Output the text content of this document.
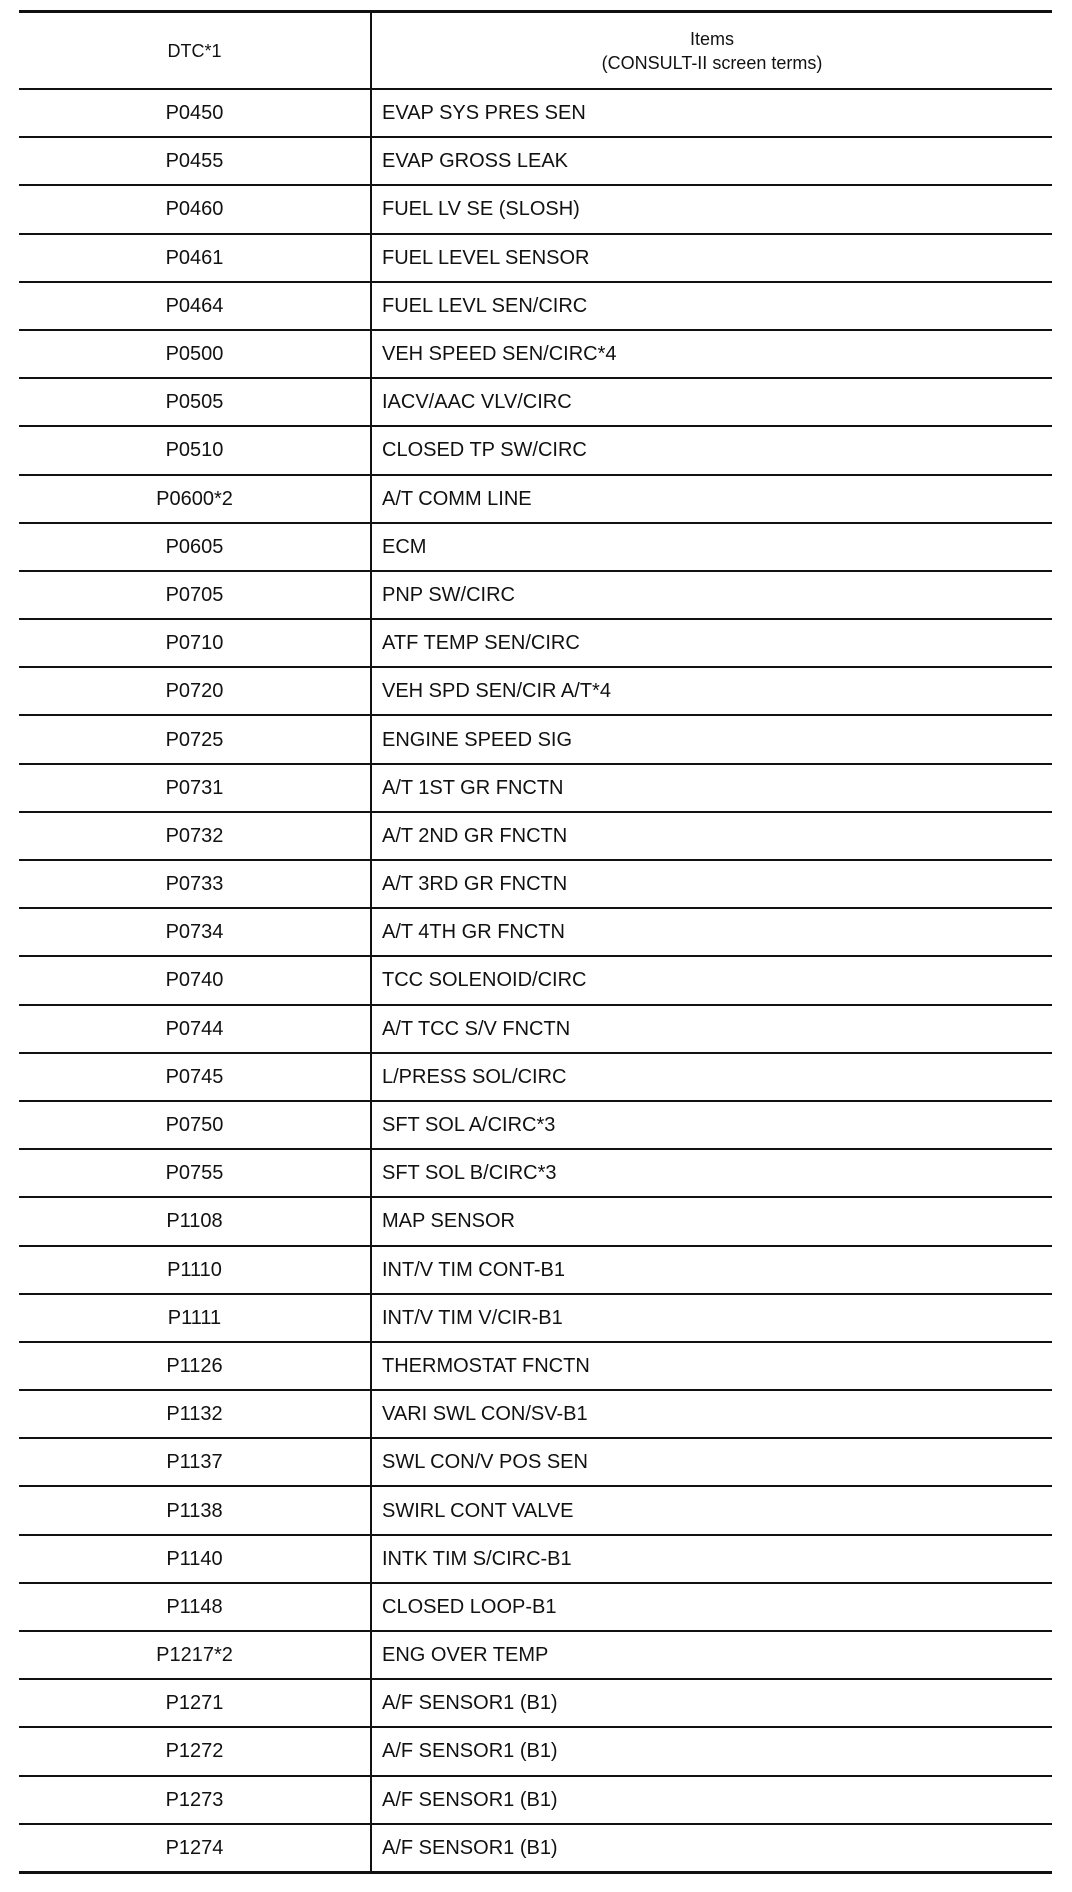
DTC*1	Items
(CONSULT-II screen terms)

P0450	EVAP SYS PRES SEN
P0455	EVAP GROSS LEAK
P0460	FUEL LV SE (SLOSH)
P0461	FUEL LEVEL SENSOR
P0464	FUEL LEVL SEN/CIRC
P0500	VEH SPEED SEN/CIRC*4
P0505	IACV/AAC VLV/CIRC
P0510	CLOSED TP SW/CIRC
P0600*2	A/T COMM LINE
P0605	ECM
P0705	PNP SW/CIRC
P0710	ATF TEMP SEN/CIRC
P0720	VEH SPD SEN/CIR A/T*4
P0725	ENGINE SPEED SIG
P0731	A/T 1ST GR FNCTN
P0732	A/T 2ND GR FNCTN
P0733	A/T 3RD GR FNCTN
P0734	A/T 4TH GR FNCTN
P0740	TCC SOLENOID/CIRC
P0744	A/T TCC S/V FNCTN
P0745	L/PRESS SOL/CIRC
P0750	SFT SOL A/CIRC*3
P0755	SFT SOL B/CIRC*3
P1108	MAP SENSOR
P1110	INT/V TIM CONT-B1
P1111	INT/V TIM V/CIR-B1
P1126	THERMOSTAT FNCTN
P1132	VARI SWL CON/SV-B1
P1137	SWL CON/V POS SEN
P1138	SWIRL CONT VALVE
P1140	INTK TIM S/CIRC-B1
P1148	CLOSED LOOP-B1
P1217*2	ENG OVER TEMP
P1271	A/F SENSOR1 (B1)
P1272	A/F SENSOR1 (B1)
P1273	A/F SENSOR1 (B1)
P1274	A/F SENSOR1 (B1)
